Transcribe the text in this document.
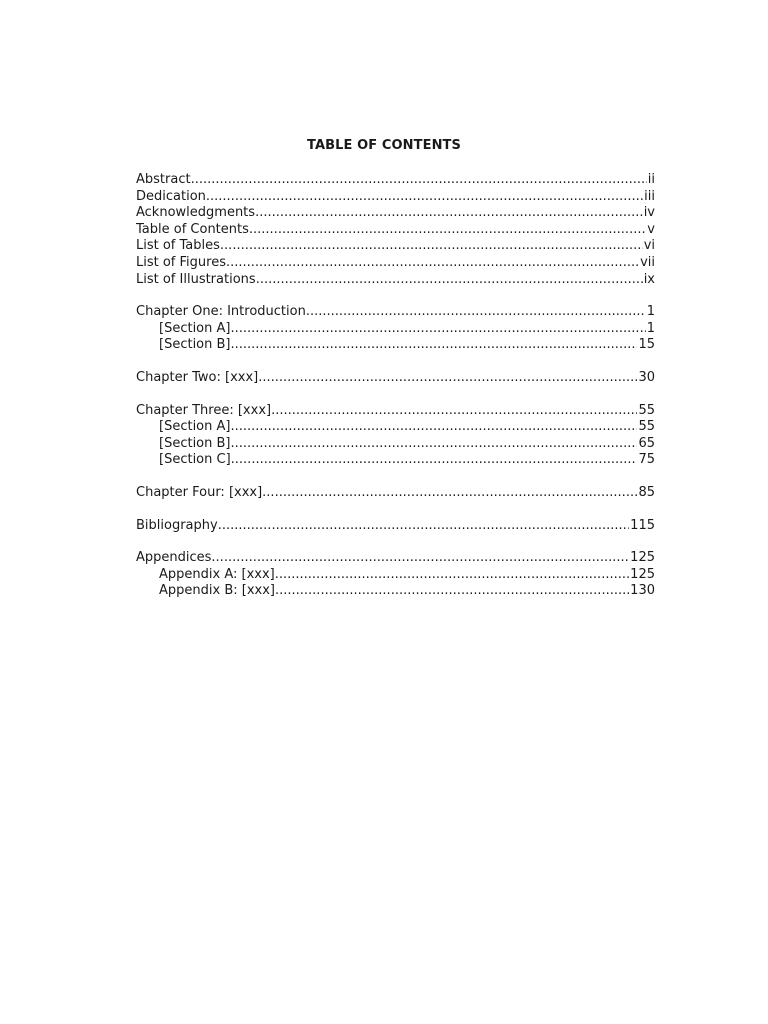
TABLE OF CONTENTS
Abstract .....	ii
Dedication .....	iii
Acknowledgments .....	iv
Table of Contents .....	v
List of Tables .....	vi
List of Figures .....	vii
List of Illustrations .....	ix
Chapter One: Introduction .....	1
[Section A] .....	1
[Section B] .....	15
Chapter Two: [xxx] .....	30
Chapter Three: [xxx] .....	55
[Section A] .....	55
[Section B] .....	65
[Section C] .....	75
Chapter Four: [xxx] .....	85
Bibliography .....	115
Appendices .....	125
Appendix A: [xxx] .....	125
Appendix B: [xxx] .....	130
